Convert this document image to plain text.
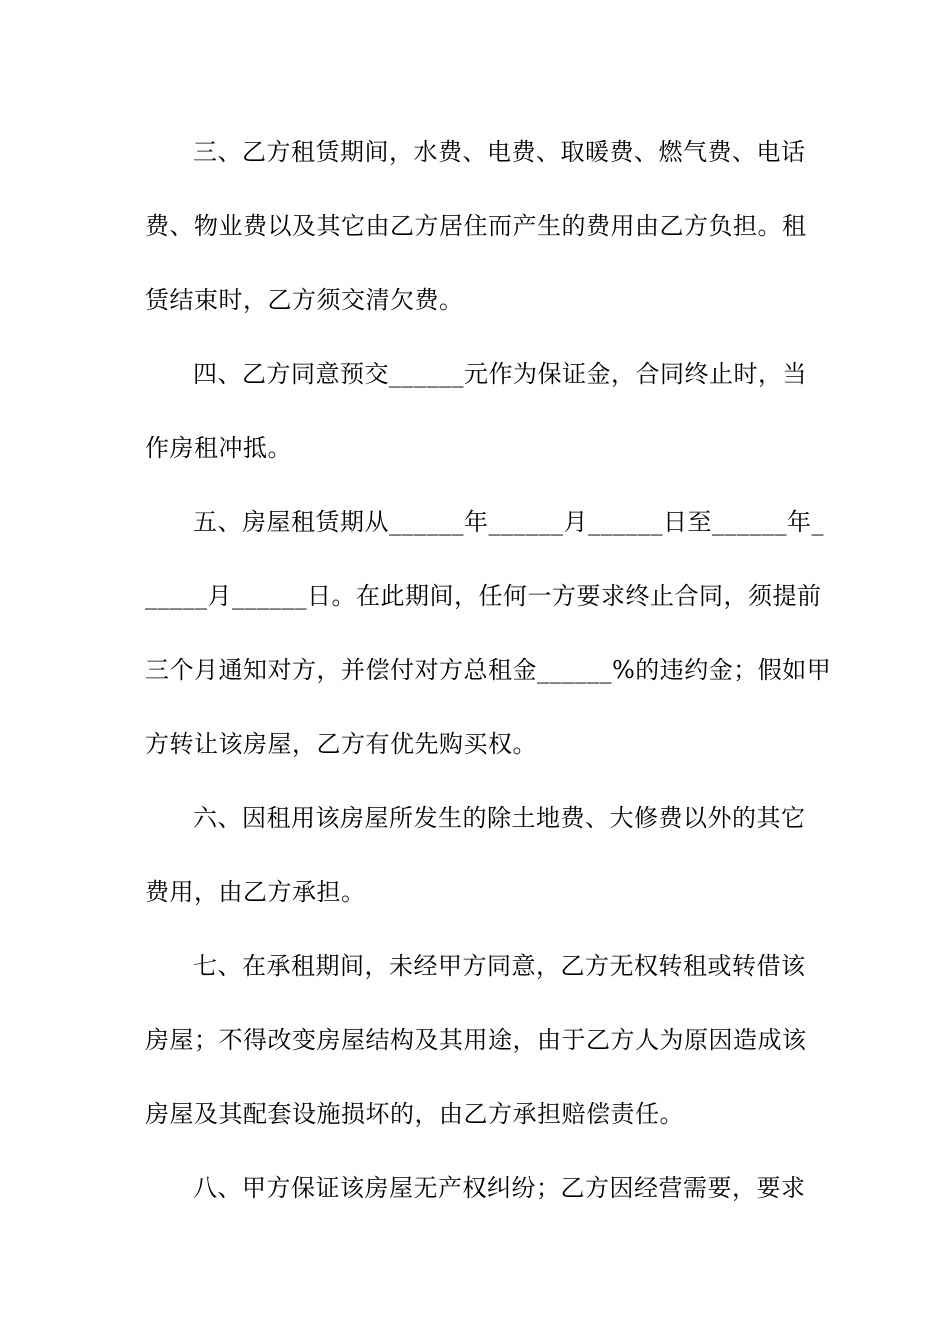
三、乙方租赁期间，水费、电费、取暖费、燃气费、电话
费、物业费以及其它由乙方居住而产生的费用由乙方负担。租
赁结束时，乙方须交清欠费。
四、乙方同意预交______元作为保证金，合同终止时，当
作房租冲抵。
五、房屋租赁期从______年______月______日至______年_
_____月______日。在此期间，任何一方要求终止合同，须提前
三个月通知对方，并偿付对方总租金______%的违约金；假如甲
方转让该房屋，乙方有优先购买权。
六、因租用该房屋所发生的除土地费、大修费以外的其它
费用，由乙方承担。
七、在承租期间，未经甲方同意，乙方无权转租或转借该
房屋；不得改变房屋结构及其用途，由于乙方人为原因造成该
房屋及其配套设施损坏的，由乙方承担赔偿责任。
八、甲方保证该房屋无产权纠纷；乙方因经营需要，要求
